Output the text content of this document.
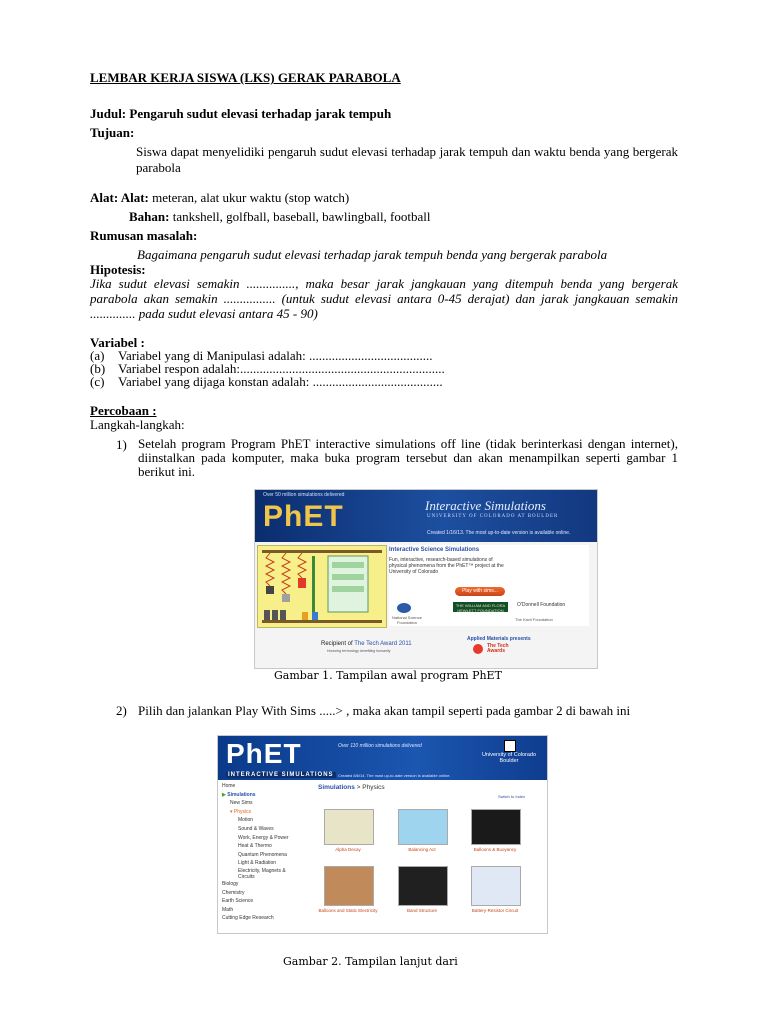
LEMBAR KERJA SISWA (LKS) GERAK PARABOLA
Judul: Pengaruh sudut elevasi terhadap jarak tempuh
Tujuan:

Siswa dapat menyelidiki pengaruh sudut elevasi terhadap jarak tempuh dan waktu benda yang bergerak parabola

Alat: Alat: meteran, alat ukur waktu (stop watch)
Bahan: tankshell, golfball, baseball, bawlingball, football
Rumusan masalah:
Bagaimana pengaruh sudut elevasi terhadap jarak tempuh benda yang bergerak parabola
Hipotesis:

Jika sudut elevasi semakin ..............., maka besar jarak jangkauan yang ditempuh benda yang bergerak parabola akan semakin ................ (untuk sudut elevasi antara 0-45 derajat) dan jarak jangkauan semakin .............. pada sudut elevasi antara 45 - 90)

Variabel :
(a) Variabel yang di Manipulasi adalah: ......................................
(b) Variabel respon adalah:...............................................................
(c) Variabel yang dijaga konstan adalah: ........................................
Percobaan :
Langkah-langkah:
1) Setelah program Program PhET interactive simulations off line (tidak berinterkasi dengan internet), diinstalkan pada komputer, maka buka program tersebut dan akan menampilkan seperti gambar 1 berikut ini.

Over 50 million simulations delivered
PhET	Interactive Simulations
UNIVERSITY OF COLORADO AT BOULDER
Created 1/16/13. The most up-to-date version is available online.
Interactive Science Simulations
Fun, interactive, research-based simulations of physical phenomena from the PhET™ project at the University of Colorado
Play with sims...
National Science Foundation
THE WILLIAM AND FLORA HEWLETT FOUNDATION
O'Donnell Foundation
The Kavli Foundation
Recipient of The Tech Award 2011
Honoring technology benefiting humanity
Applied Materials presents
The Tech Awards
Gambar 1. Tampilan awal program PhET
2) Pilih dan jalankan Play With Sims .....> , maka akan tampil seperti pada gambar 2 di bawah ini
PhET
INTERACTIVE SIMULATIONS
Over 110 million simulations delivered
Created 8/6/14. The most up-to-date version is available online.
University of Colorado Boulder
Home
▶ Simulations
New Sims
▾ Physics
Motion
Sound & Waves
Work, Energy & Power
Heat & Thermo
Quantum Phenomena
Light & Radiation
Electricity, Magnets & Circuits
Biology
Chemistry
Earth Science
Math
Cutting Edge Research
Simulations > Physics
Switch to Index
Alpha Decay	Balancing Act	Balloons & Buoyancy
Balloons and Static Electricity	Band Structure	Battery-Resistor Circuit
Gambar 2. Tampilan lanjut dari
